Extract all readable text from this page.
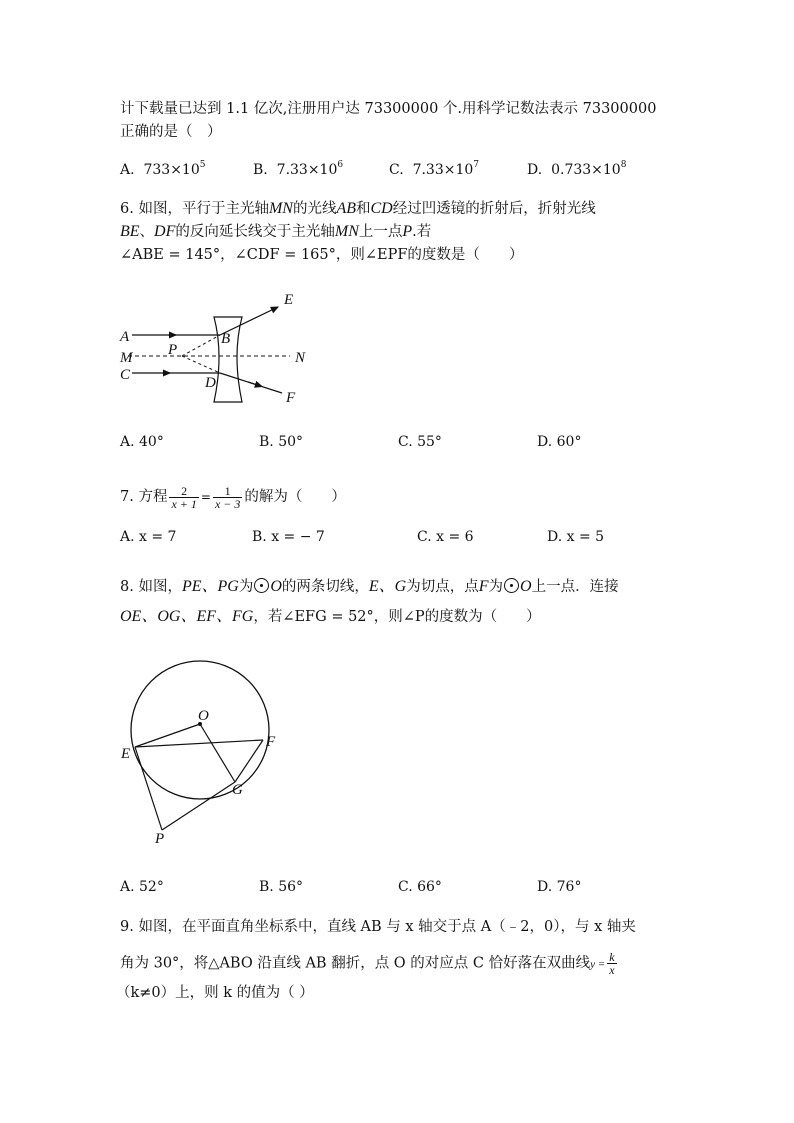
计下载量已达到 1.1 亿次,注册用户达 73300000 个.用科学记数法表示 73300000
正确的是（　）
A. $733\times 10^5$	B. $7.33\times 10^6$	C. $7.33\times 10^7$	D. $0.733\times 10^8$
6. 如图，平行于主光轴MN的光线AB和CD经过凹透镜的折射后，折射光线
BE、DF的反向延长线交于主光轴MN上一点P.若
∠ABE = 145°，∠CDF = 165°，则∠EPF的度数是（　　）
A
M
C
P
B
D
E
N
F
A. 40°	B. 50°	C. 55°	D. 60°
7. 方程 $\frac{2}{x + 1} = \frac{1}{x - 3}$ 的解为（　　）
A. x = 7	B. x = − 7	C. x = 6	D. x = 5
8. 如图，PE、PG为 O的两条切线，E、G为切点，点F为 O上一点．连接
OE、OG、EF、FG，若∠EFG = 52°，则∠P的度数为（　　）
O
E
F
G
P
A. 52°	B. 56°	C. 66°	D. 76°
9. 如图，在平面直角坐标系中，直线 AB 与 x 轴交于点 A（﹣2，0），与 x 轴夹
角为 30°，将△ABO 沿直线 AB 翻折，点 O 的对应点 C 恰好落在双曲线$y = \frac{k}{x}$
（k≠0）上，则 k 的值为（ ）
